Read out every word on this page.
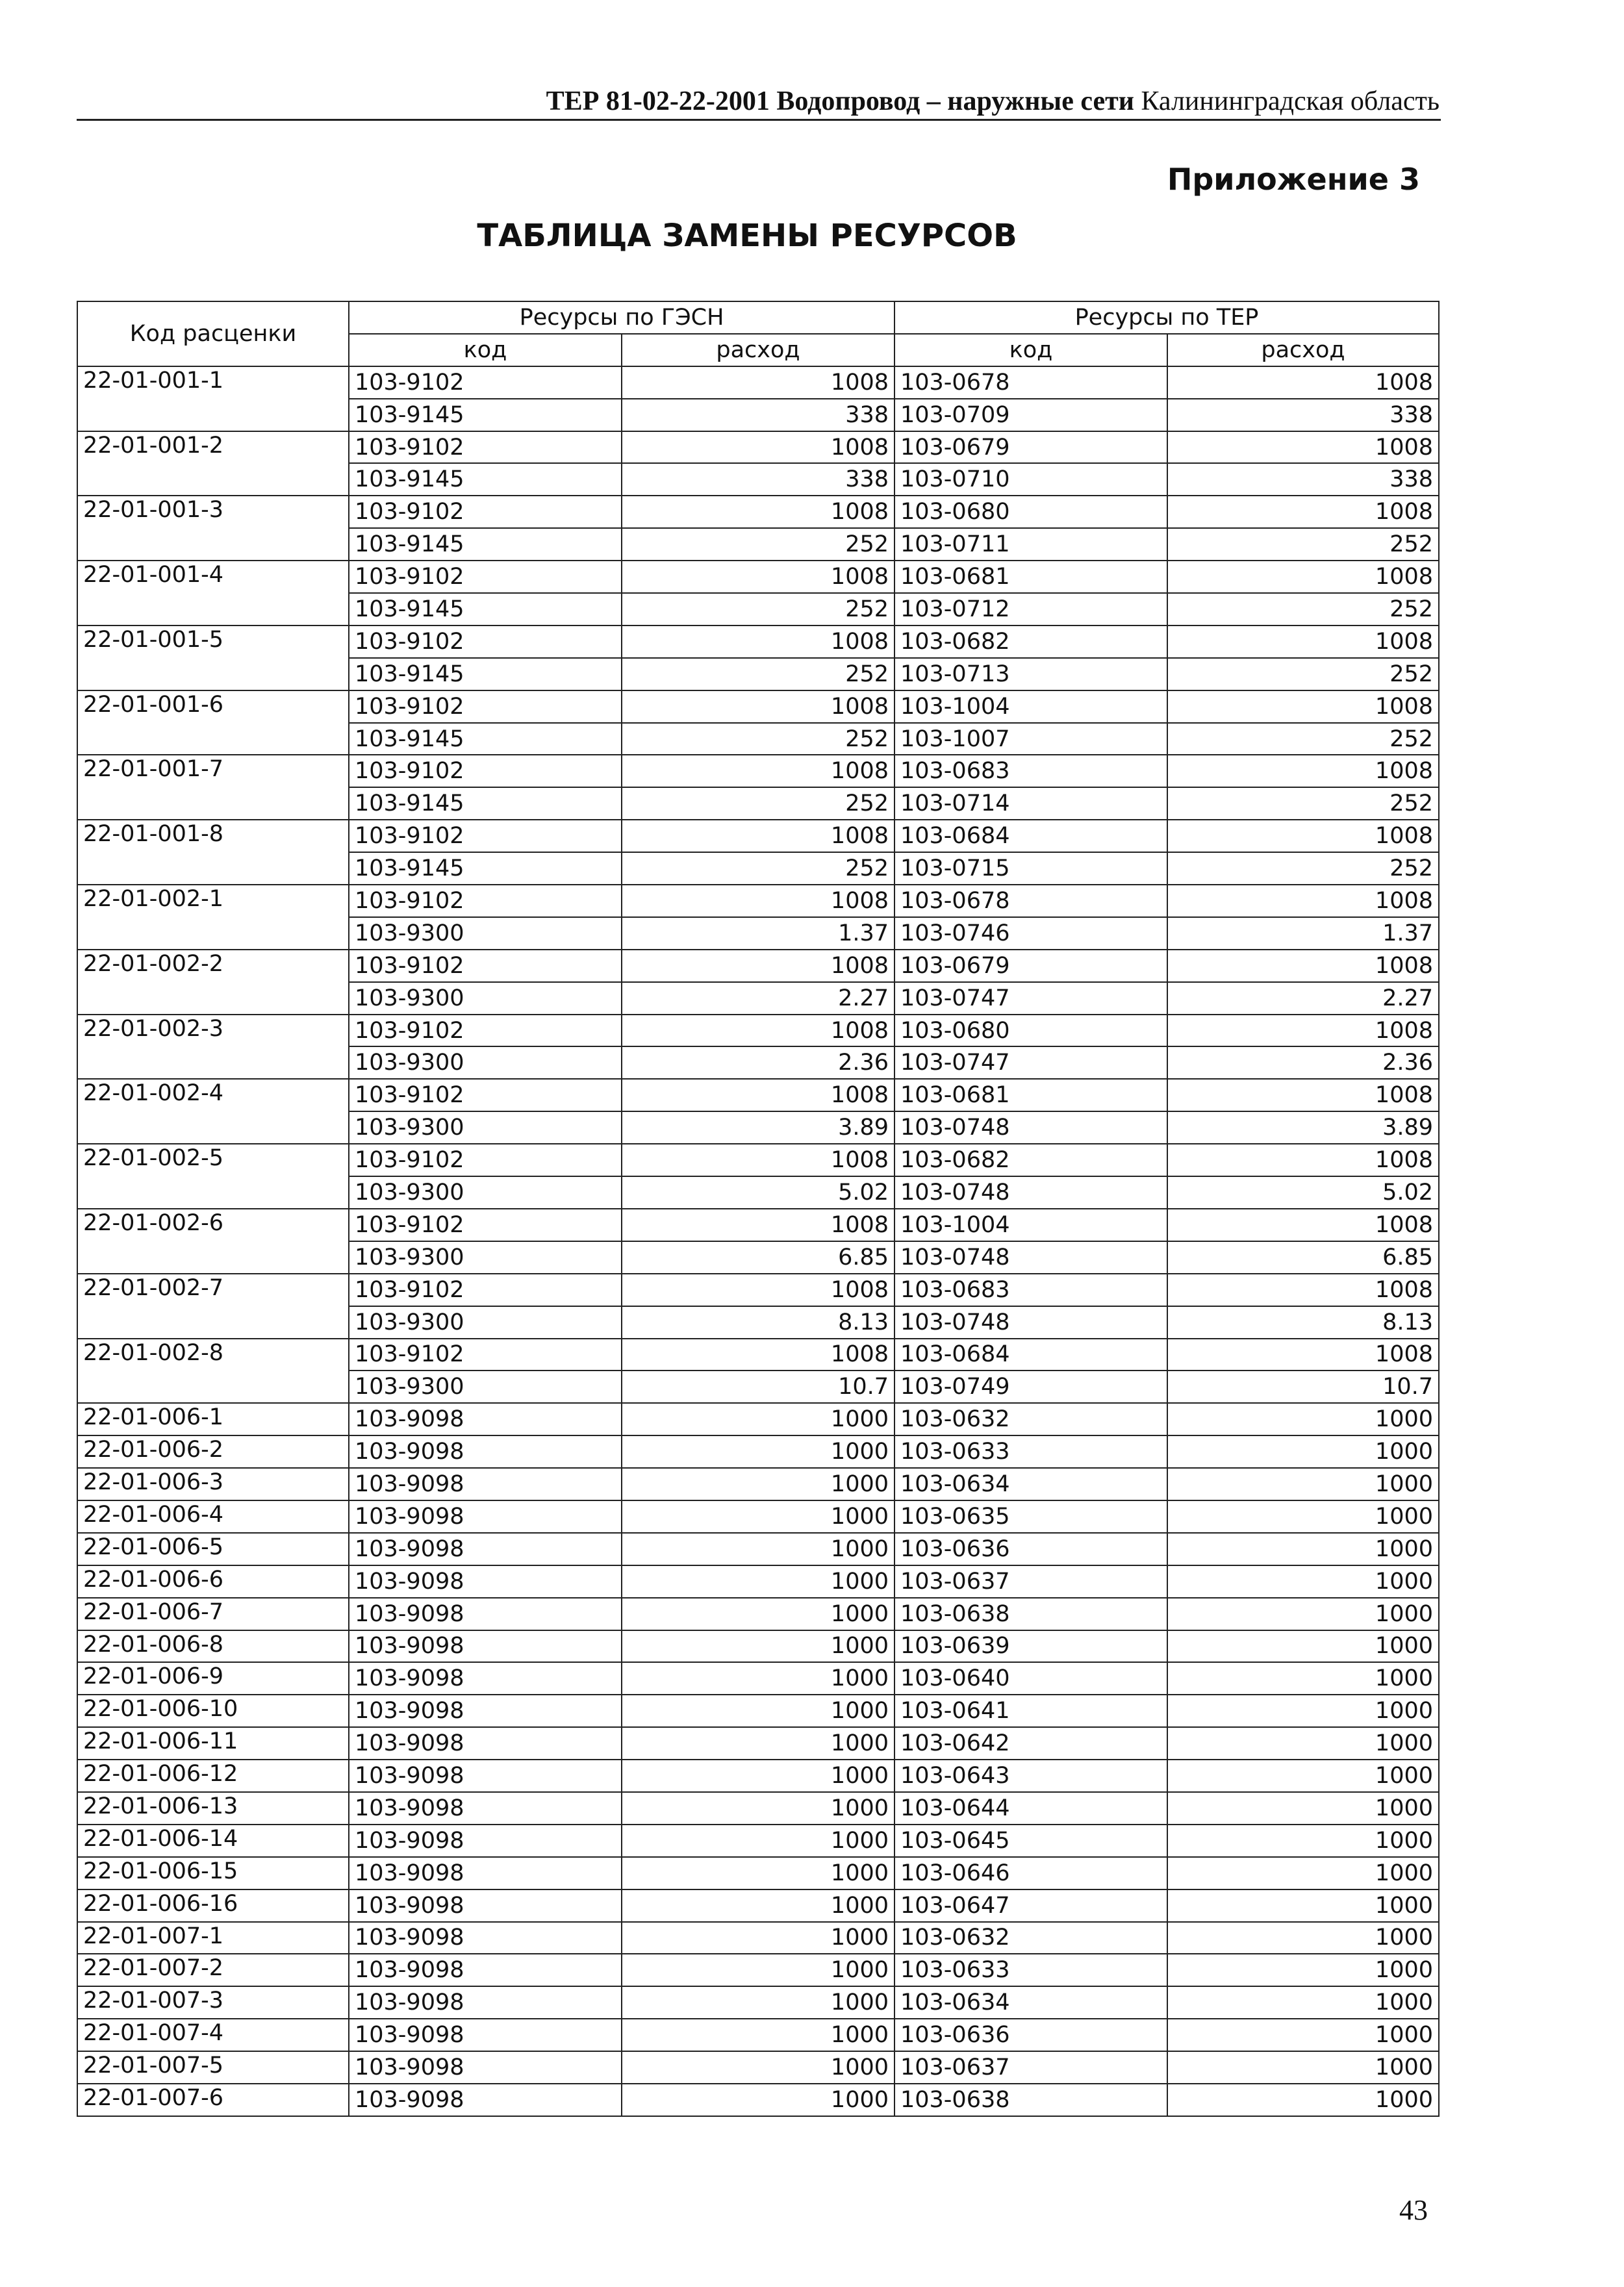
ТЕР 81-02-22-2001 Водопровод – наружные сети Калининградская область
Приложение 3
ТАБЛИЦА ЗАМЕНЫ РЕСУРСОВ
Код расценки	Ресурсы по ГЭСН		Ресурсы по ТЕР	
	код	расход	код	расход
22-01-001-1	103-9102	1008	103-0678	1008
	103-9145	338	103-0709	338
22-01-001-2	103-9102	1008	103-0679	1008
	103-9145	338	103-0710	338
22-01-001-3	103-9102	1008	103-0680	1008
	103-9145	252	103-0711	252
22-01-001-4	103-9102	1008	103-0681	1008
	103-9145	252	103-0712	252
22-01-001-5	103-9102	1008	103-0682	1008
	103-9145	252	103-0713	252
22-01-001-6	103-9102	1008	103-1004	1008
	103-9145	252	103-1007	252
22-01-001-7	103-9102	1008	103-0683	1008
	103-9145	252	103-0714	252
22-01-001-8	103-9102	1008	103-0684	1008
	103-9145	252	103-0715	252
22-01-002-1	103-9102	1008	103-0678	1008
	103-9300	1.37	103-0746	1.37
22-01-002-2	103-9102	1008	103-0679	1008
	103-9300	2.27	103-0747	2.27
22-01-002-3	103-9102	1008	103-0680	1008
	103-9300	2.36	103-0747	2.36
22-01-002-4	103-9102	1008	103-0681	1008
	103-9300	3.89	103-0748	3.89
22-01-002-5	103-9102	1008	103-0682	1008
	103-9300	5.02	103-0748	5.02
22-01-002-6	103-9102	1008	103-1004	1008
	103-9300	6.85	103-0748	6.85
22-01-002-7	103-9102	1008	103-0683	1008
	103-9300	8.13	103-0748	8.13
22-01-002-8	103-9102	1008	103-0684	1008
	103-9300	10.7	103-0749	10.7
22-01-006-1	103-9098	1000	103-0632	1000
22-01-006-2	103-9098	1000	103-0633	1000
22-01-006-3	103-9098	1000	103-0634	1000
22-01-006-4	103-9098	1000	103-0635	1000
22-01-006-5	103-9098	1000	103-0636	1000
22-01-006-6	103-9098	1000	103-0637	1000
22-01-006-7	103-9098	1000	103-0638	1000
22-01-006-8	103-9098	1000	103-0639	1000
22-01-006-9	103-9098	1000	103-0640	1000
22-01-006-10	103-9098	1000	103-0641	1000
22-01-006-11	103-9098	1000	103-0642	1000
22-01-006-12	103-9098	1000	103-0643	1000
22-01-006-13	103-9098	1000	103-0644	1000
22-01-006-14	103-9098	1000	103-0645	1000
22-01-006-15	103-9098	1000	103-0646	1000
22-01-006-16	103-9098	1000	103-0647	1000
22-01-007-1	103-9098	1000	103-0632	1000
22-01-007-2	103-9098	1000	103-0633	1000
22-01-007-3	103-9098	1000	103-0634	1000
22-01-007-4	103-9098	1000	103-0636	1000
22-01-007-5	103-9098	1000	103-0637	1000
22-01-007-6	103-9098	1000	103-0638	1000
43
